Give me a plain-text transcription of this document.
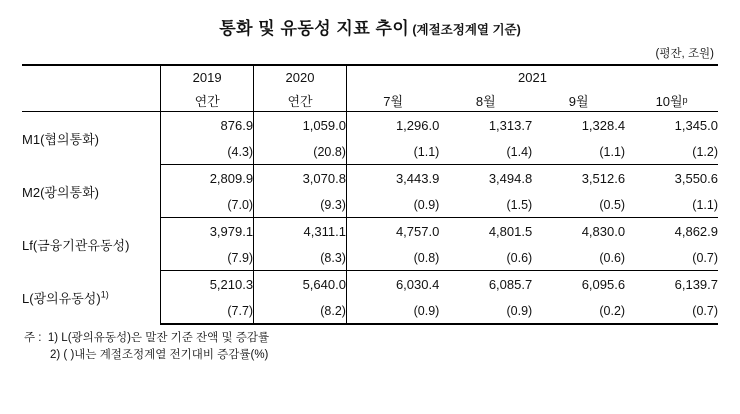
통화 및 유동성 지표 추이 (계절조정계열 기준)
(평잔, 조원)
	2019	2020	2021			
	연간	연간	7월	8월	9월	10월ᵖ
M1(협의통화)	876.9	1,059.0	1,296.0	1,313.7	1,328.4	1,345.0
	(4.3)	(20.8)	(1.1)	(1.4)	(1.1)	(1.2)
M2(광의통화)	2,809.9	3,070.8	3,443.9	3,494.8	3,512.6	3,550.6
	(7.0)	(9.3)	(0.9)	(1.5)	(0.5)	(1.1)
Lf(금융기관유동성)	3,979.1	4,311.1	4,757.0	4,801.5	4,830.0	4,862.9
	(7.9)	(8.3)	(0.8)	(0.6)	(0.6)	(0.7)
L(광의유동성)$^{1)}$	5,210.3	5,640.0	6,030.4	6,085.7	6,095.6	6,139.7
	(7.7)	(8.2)	(0.9)	(0.9)	(0.2)	(0.7)
주 : 1) L(광의유동성)은 말잔 기준 잔액 및 증감률
2) ( )내는 계절조정계열 전기대비 증감률(%)
